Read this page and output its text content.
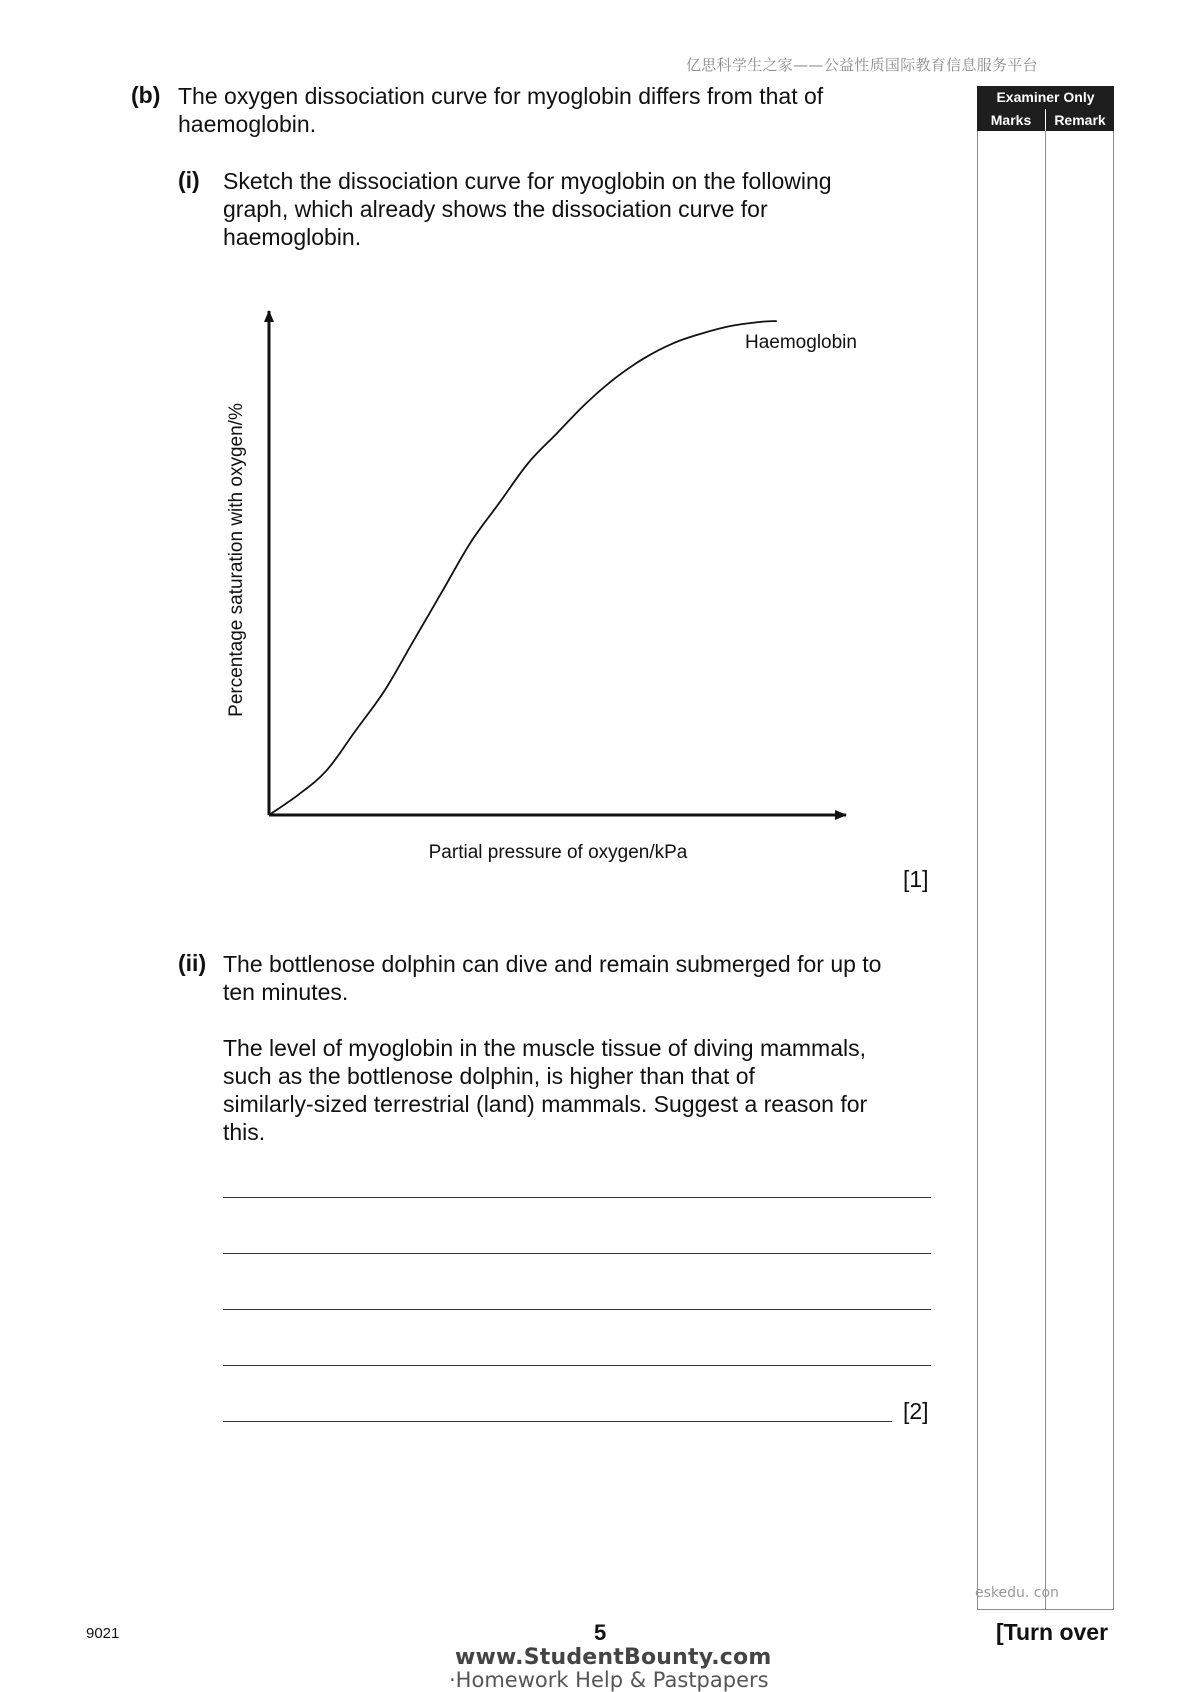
亿思科学生之家——公益性质国际教育信息服务平台
Examiner Only
Marks	Remark
(b) The oxygen dissociation curve for myoglobin differs from that of
haemoglobin.
(i) Sketch the dissociation curve for myoglobin on the following
graph, which already shows the dissociation curve for
haemoglobin.
Haemoglobin
Percentage saturation with oxygen/%
Partial pressure of oxygen/kPa
[1]
(ii) The bottlenose dolphin can dive and remain submerged for up to
ten minutes.
The level of myoglobin in the muscle tissue of diving mammals,
such as the bottlenose dolphin, is higher than that of
similarly-sized terrestrial (land) mammals. Suggest a reason for
this.
[2]
eskedu. con
9021	5	[Turn over
www.StudentBounty.com
·Homework Help & Pastpapers
